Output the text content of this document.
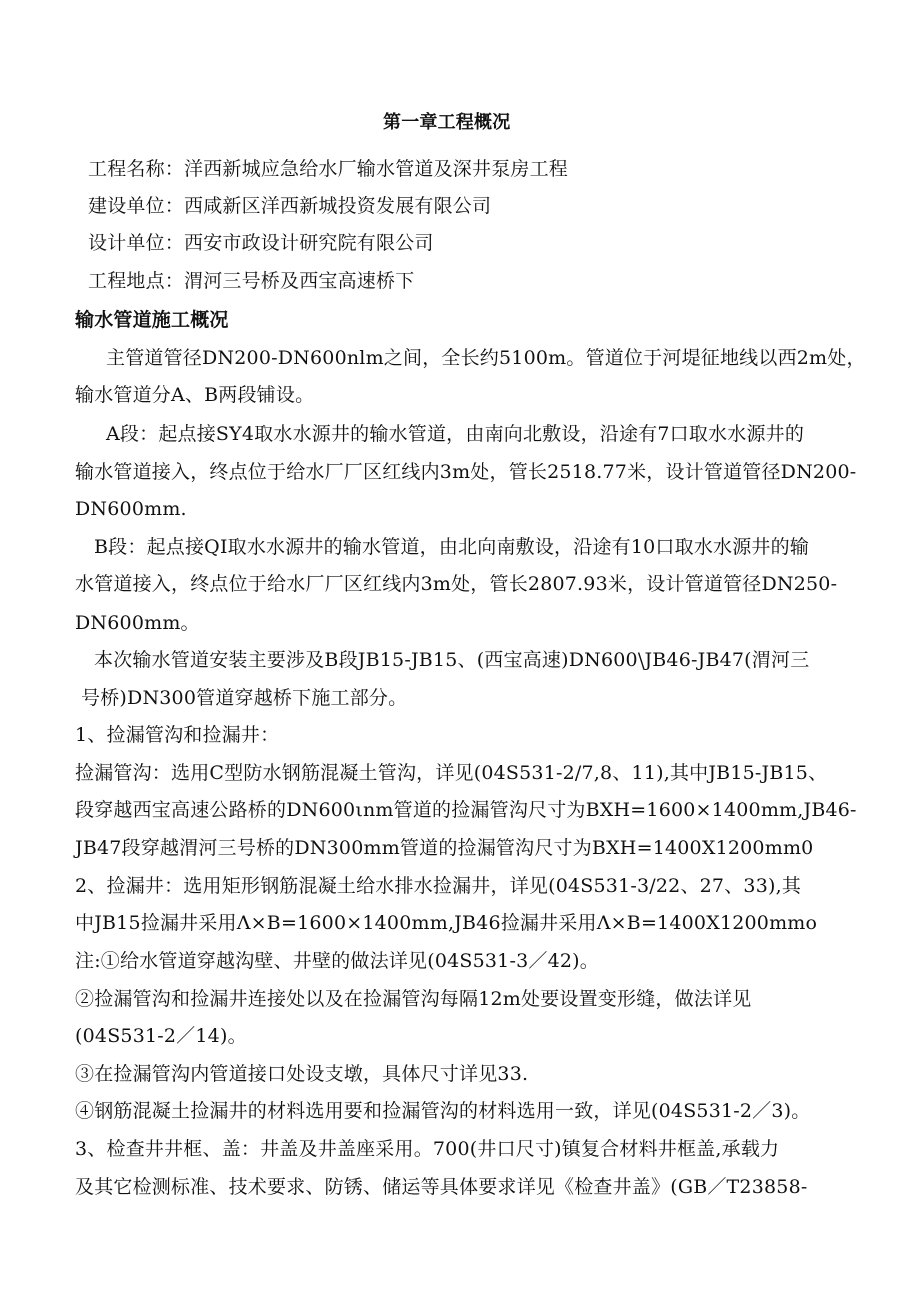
第一章工程概况
工程名称：洋西新城应急给水厂输水管道及深井泵房工程
建设单位：西咸新区洋西新城投资发展有限公司
设计单位：西安市政设计研究院有限公司
工程地点：渭河三号桥及西宝高速桥下
输水管道施工概况
主管道管径DN200-DN600nlm之间，全长约5100m。管道位于河堤征地线以西2m处，
输水管道分A、B两段铺设。
A段：起点接SY4取水水源井的输水管道，由南向北敷设，沿途有7口取水水源井的
输水管道接入，终点位于给水厂厂区红线内3m处，管长2518.77米，设计管道管径DN200-
DN600mm.
B段：起点接QI取水水源井的输水管道，由北向南敷设，沿途有10口取水水源井的输
水管道接入，终点位于给水厂厂区红线内3m处，管长2807.93米，设计管道管径DN250-
DN600mm。
本次输水管道安装主要涉及B段JB15-JB15、(西宝高速)DN600\JB46-JB47(渭河三
号桥)DN300管道穿越桥下施工部分。
1、捡漏管沟和捡漏井：
捡漏管沟：选用C型防水钢筋混凝土管沟，详见(04S531-2/7,8、11),其中JB15-JB15、
段穿越西宝高速公路桥的DN600ιnm管道的捡漏管沟尺寸为BXH=1600×1400mm,JB46-
JB47段穿越渭河三号桥的DN300mm管道的捡漏管沟尺寸为BXH=1400X1200mm0
2、捡漏井：选用矩形钢筋混凝土给水排水捡漏井，详见(04S531-3/22、27、33),其
中JB15捡漏井采用Λ×B=1600×1400mm,JB46捡漏井采用Λ×B=1400X1200mmo
注:①给水管道穿越沟壁、井壁的做法详见(04S531-3／42)。
②捡漏管沟和捡漏井连接处以及在捡漏管沟每隔12m处要设置变形缝，做法详见
(04S531-2／14)。
③在捡漏管沟内管道接口处设支墩，具体尺寸详见33.
④钢筋混凝土捡漏井的材料选用要和捡漏管沟的材料选用一致，详见(04S531-2／3)。
3、检查井井框、盖：井盖及井盖座采用。700(井口尺寸)镇复合材料井框盖,承载力
及其它检测标准、技术要求、防锈、储运等具体要求详见《检查井盖》(GB／T23858-
